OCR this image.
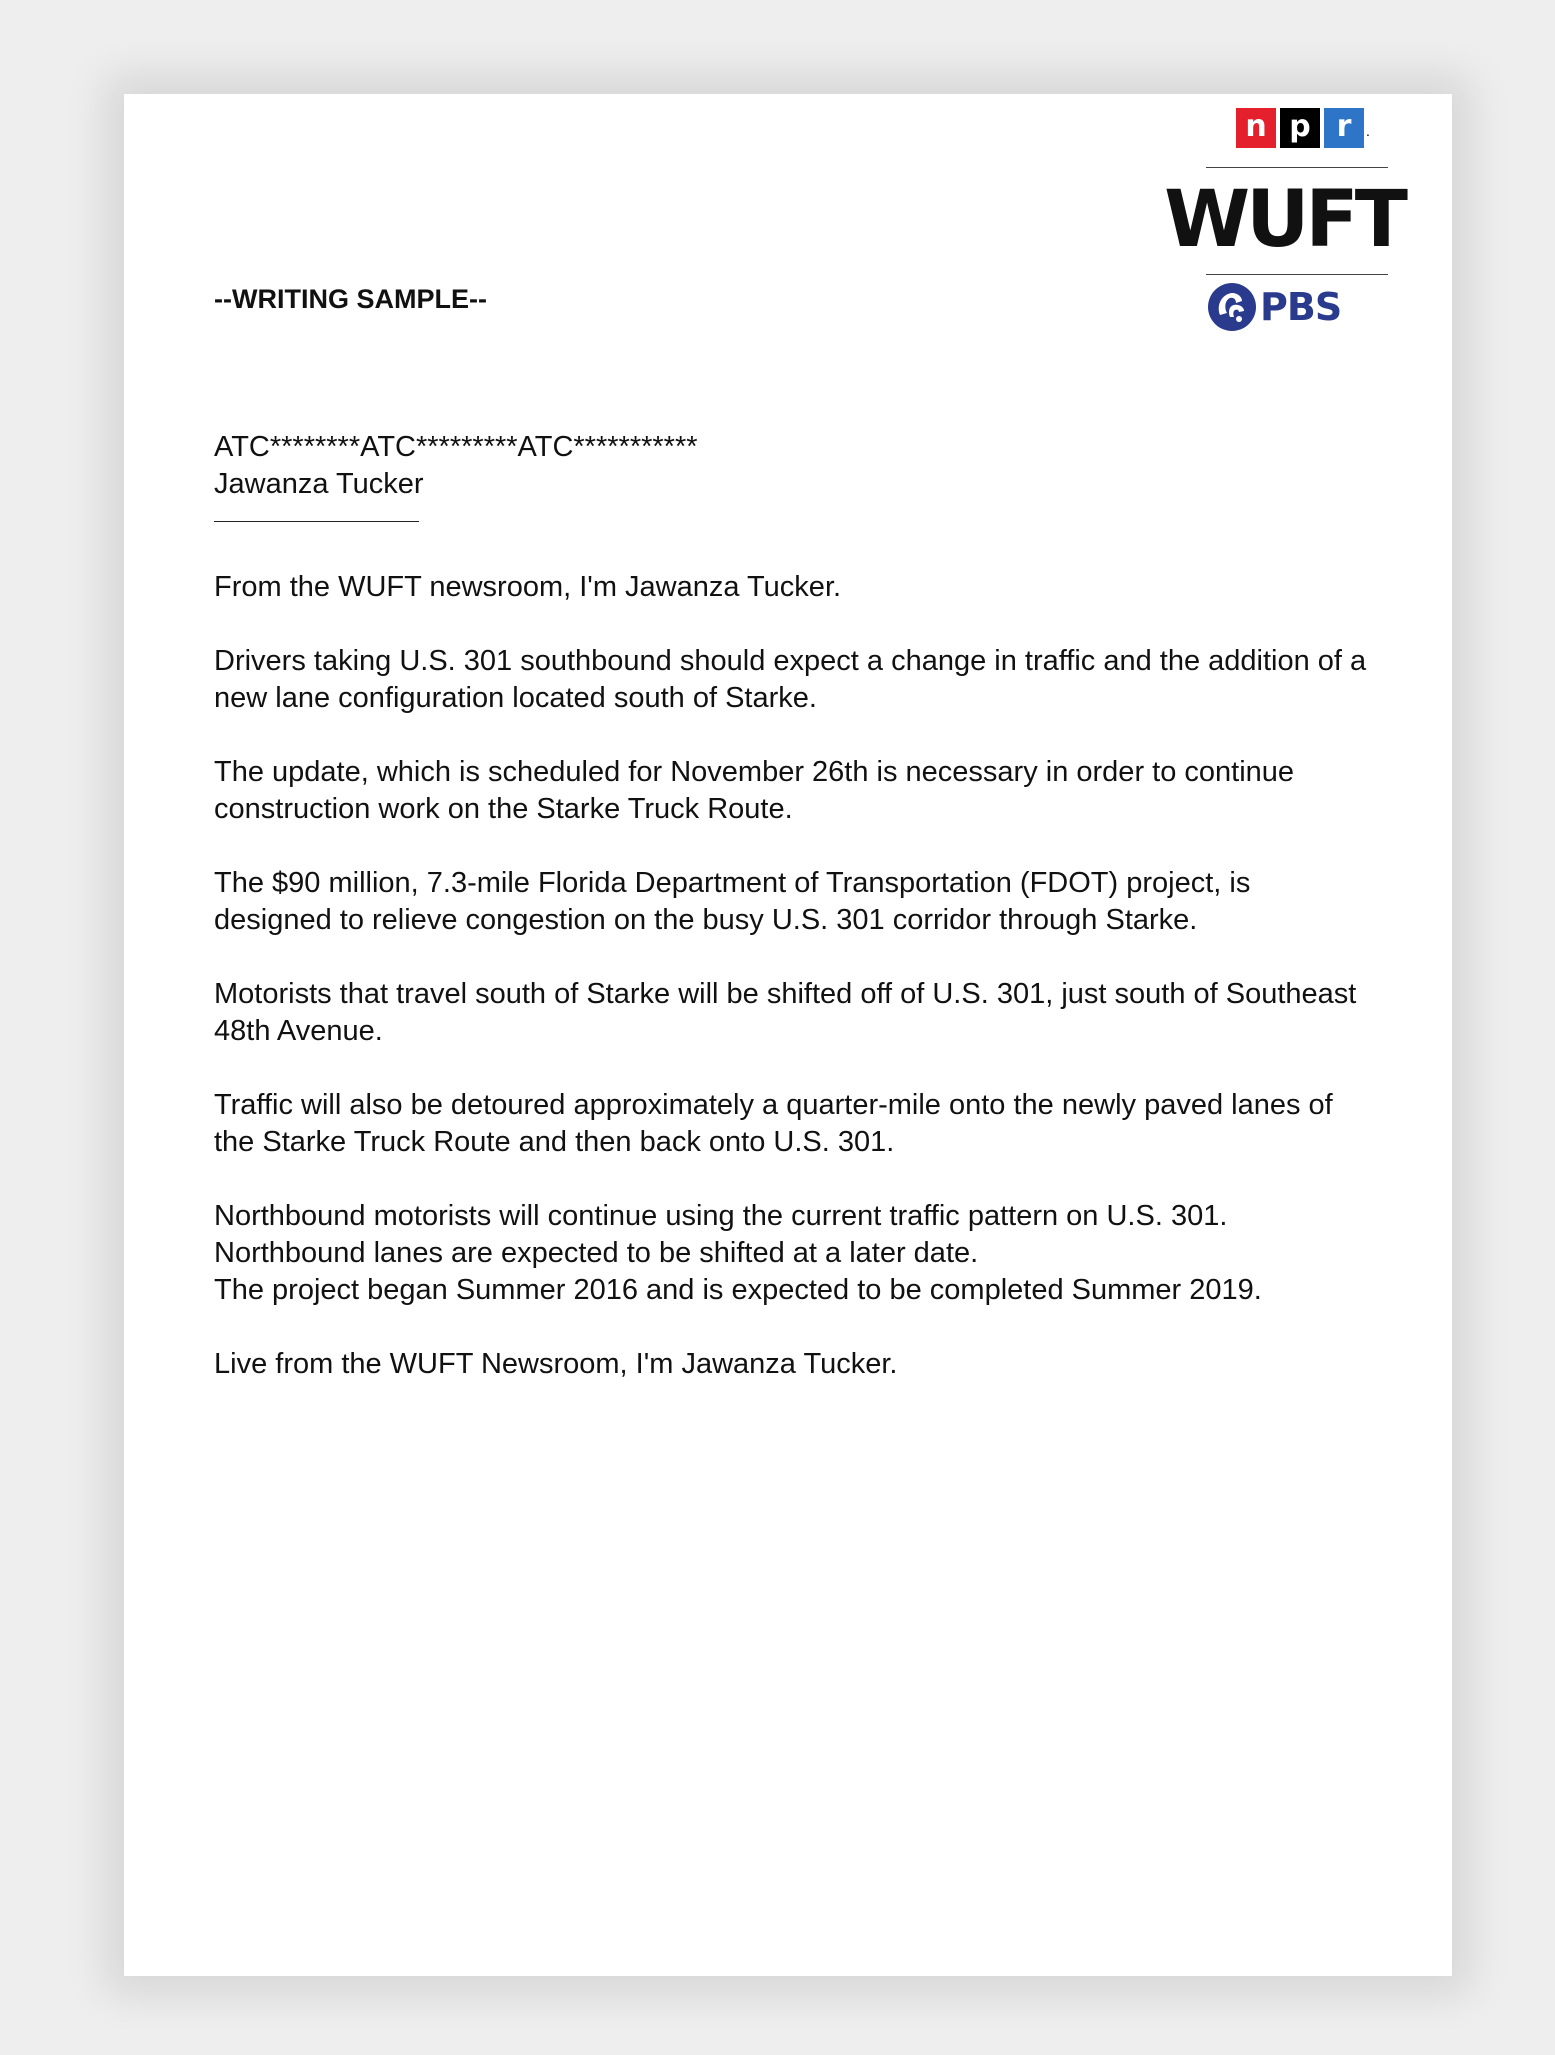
n p r	.
WUFT
PBS
--WRITING SAMPLE--

ATC********ATC*********ATC***********

Jawanza Tucker

From the WUFT newsroom, I'm Jawanza Tucker.

Drivers taking U.S. 301 southbound should expect a change in traffic and the addition of a new lane configuration located south of Starke.

The update, which is scheduled for November 26th is necessary in order to continue construction work on the Starke Truck Route.

The $90 million, 7.3-mile Florida Department of Transportation (FDOT) project, is designed to relieve congestion on the busy U.S. 301 corridor through Starke.

Motorists that travel south of Starke will be shifted off of U.S. 301, just south of Southeast 48th Avenue.

Traffic will also be detoured approximately a quarter-mile onto the newly paved lanes of the Starke Truck Route and then back onto U.S. 301.

Northbound motorists will continue using the current traffic pattern on U.S. 301.

Northbound lanes are expected to be shifted at a later date.

The project began Summer 2016 and is expected to be completed Summer 2019.

Live from the WUFT Newsroom, I'm Jawanza Tucker.
